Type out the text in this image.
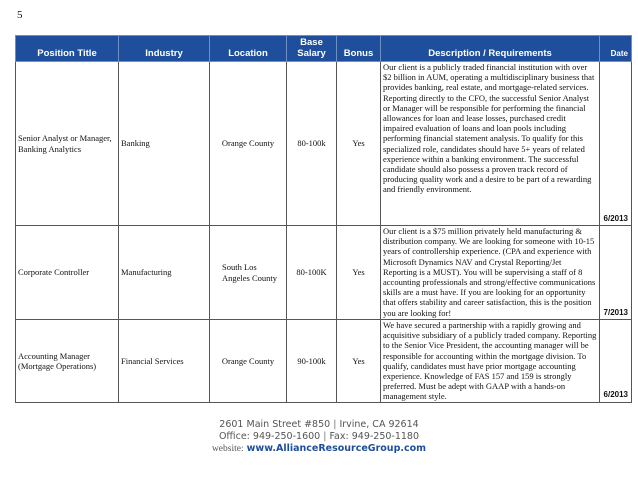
5
Position Title	Industry	Location	Base Salary	Bonus	Description / Requirements	Date
Senior Analyst or Manager, Banking Analytics	Banking	Orange County	80-100k	Yes	Our client is a publicly traded financial institution with over $2 billion in AUM, operating a multidisciplinary business that provides banking, real estate, and mortgage-related services. Reporting directly to the CFO, the successful Senior Analyst or Manager will be responsible for performing the financial allowances for loan and lease losses, purchased credit impaired evaluation of loans and loan pools including performing financial statement analysis. To qualify for this specialized role, candidates should have 5+ years of related experience within a banking environment. The successful candidate should also possess a proven track record of producing quality work and a desire to be part of a rewarding and friendly environment.	6/2013
Corporate Controller	Manufacturing	South Los Angeles County	80-100K	Yes	Our client is a $75 million privately held manufacturing & distribution company. We are looking for someone with 10-15 years of controllership experience. (CPA and experience with Microsoft Dynamics NAV and Crystal Reporting/Jet Reporting is a MUST). You will be supervising a staff of 8 accounting professionals and strong/effective communications skills are a must have. If you are looking for an opportunity that offers stability and career satisfaction, this is the position you are looking for!	7/2013
Accounting Manager (Mortgage Operations)	Financial Services	Orange County	90-100k	Yes	We have secured a partnership with a rapidly growing and acquisitive subsidiary of a publicly traded company. Reporting to the Senior Vice President, the accounting manager will be responsible for accounting within the mortgage division. To qualify, candidates must have prior mortgage accounting experience. Knowledge of FAS 157 and 159 is strongly preferred. Must be adept with GAAP with a hands-on management style.	6/2013
2601 Main Street #850 | Irvine, CA 92614
Office: 949-250-1600 | Fax: 949-250-1180
website: www.AllianceResourceGroup.com
